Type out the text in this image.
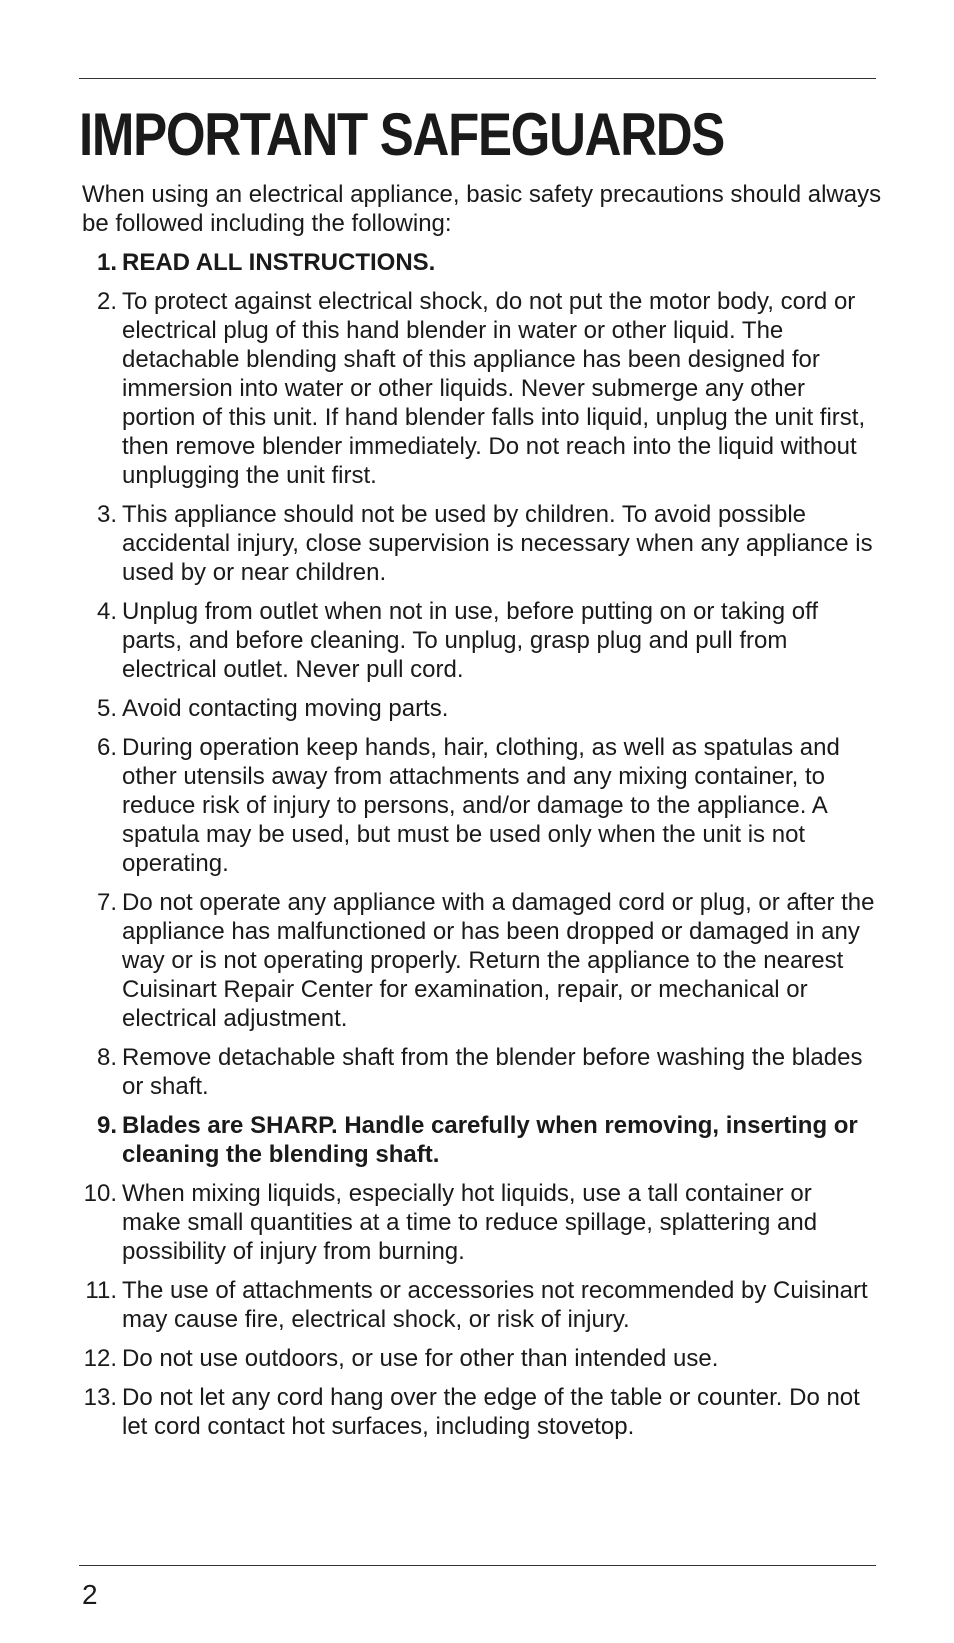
IMPORTANT SAFEGUARDS

When using an electrical appliance, basic safety precautions should always be followed including the following:

1. READ ALL INSTRUCTIONS.
2. To protect against electrical shock, do not put the motor body, cord or electrical plug of this hand blender in water or other liquid. The detachable blending shaft of this appliance has been designed for immersion into water or other liquids. Never submerge any other portion of this unit. If hand blender falls into liquid, unplug the unit first, then remove blender immediately. Do not reach into the liquid without unplugging the unit first.
3. This appliance should not be used by children. To avoid possible accidental injury, close supervision is necessary when any appliance is used by or near children.
4. Unplug from outlet when not in use, before putting on or taking off parts, and before cleaning. To unplug, grasp plug and pull from electrical outlet. Never pull cord.
5. Avoid contacting moving parts.
6. During operation keep hands, hair, clothing, as well as spatulas and other utensils away from attachments and any mixing container, to reduce risk of injury to persons, and/or damage to the appliance. A spatula may be used, but must be used only when the unit is not operating.
7. Do not operate any appliance with a damaged cord or plug, or after the appliance has malfunctioned or has been dropped or damaged in any way or is not operating properly. Return the appliance to the nearest Cuisinart Repair Center for examination, repair, or mechanical or electrical adjustment.
8. Remove detachable shaft from the blender before washing the blades or shaft.
9. Blades are SHARP. Handle carefully when removing, inserting or cleaning the blending shaft.
10. When mixing liquids, especially hot liquids, use a tall container or make small quantities at a time to reduce spillage, splattering and possibility of injury from burning.
11. The use of attachments or accessories not recommended by Cuisinart may cause fire, electrical shock, or risk of injury.
12. Do not use outdoors, or use for other than intended use.
13. Do not let any cord hang over the edge of the table or counter. Do not let cord contact hot surfaces, including stovetop.
2
